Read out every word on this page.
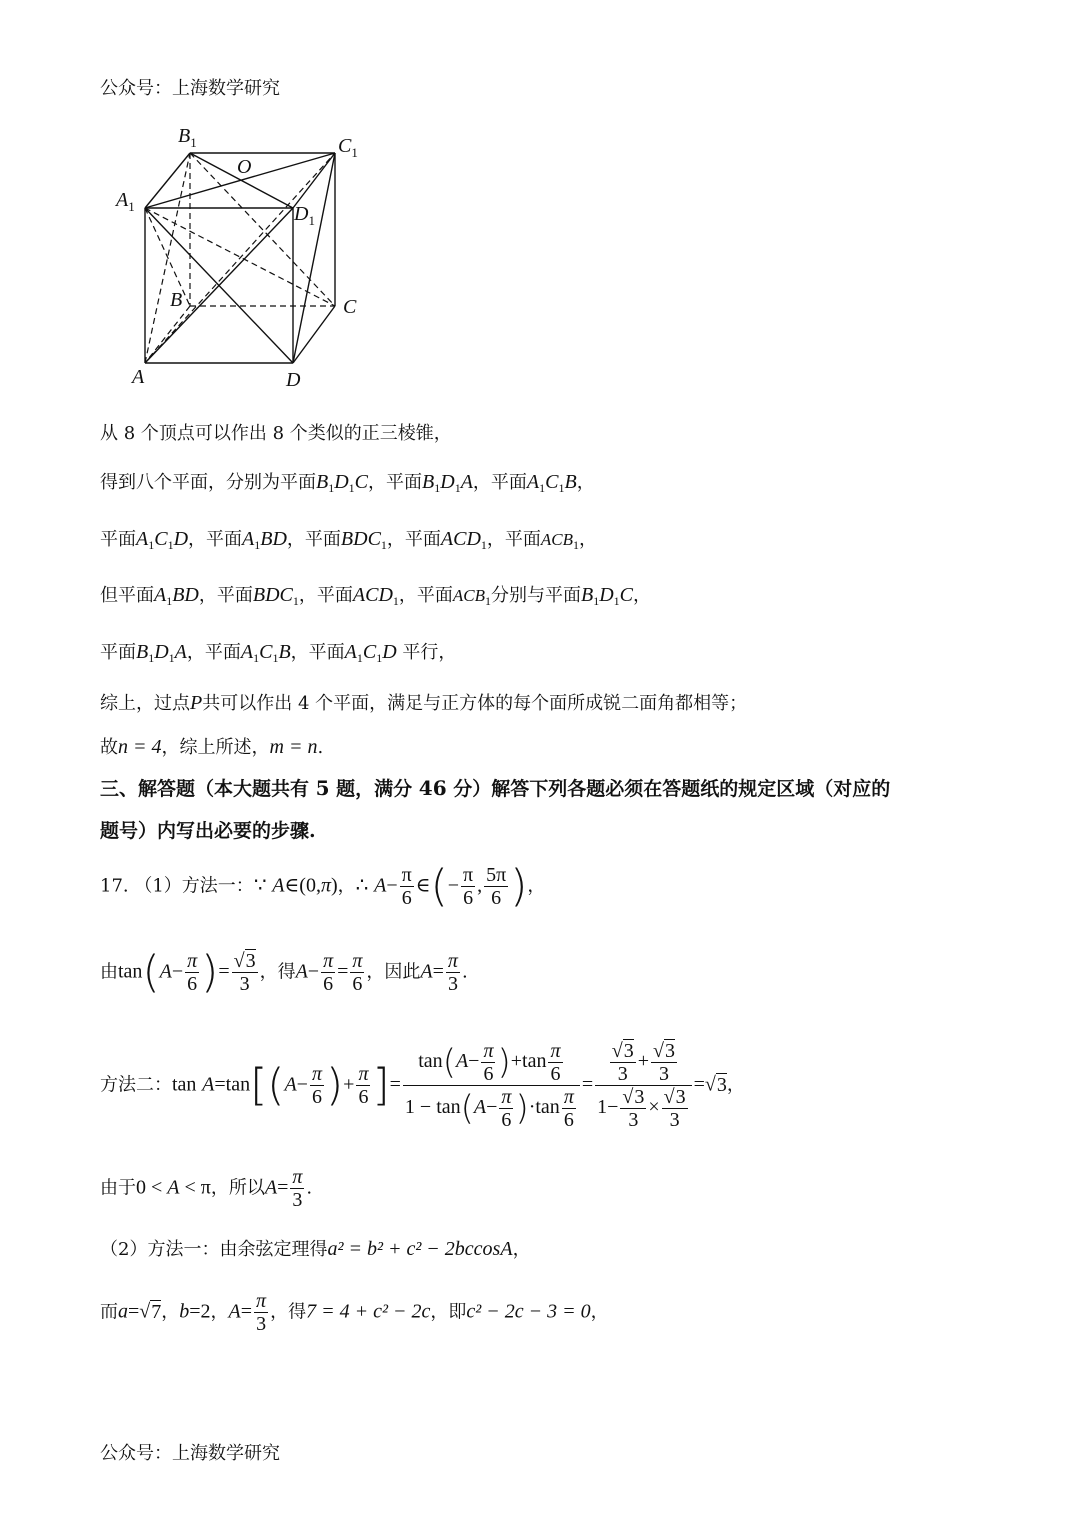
公众号：上海数学研究
$B_1$	$C_1$
O
$A_1$	$D_1$
B	C
A	D
从 8 个顶点可以作出 8 个类似的正三棱锥，
得到八个平面，分别为平面$B_1D_1C$，平面$B_1D_1A$，平面$A_1C_1B$，
平面$A_1C_1D$，平面$A_1BD$，平面$BDC_1$，平面$ACD_1$，平面$ACB_1$，
但平面$A_1BD$，平面$BDC_1$，平面$ACD_1$，平面$ACB_1$分别与平面$B_1D_1C$，
平面$B_1D_1A$，平面$A_1C_1B$，平面$A_1C_1D$ 平行，
综上，过点P共可以作出 4 个平面，满足与正方体的每个面所成锐二面角都相等；
故n = 4，综上所述，m = n.
三、解答题（本大题共有 5 题，满分 46 分）解答下列各题必须在答题纸的规定区域（对应的
题号）内写出必要的步骤.
17. （1）方法一：∵ A∈(0,π)，∴ $A- \frac{\pi}{6}$ ∈(− $\frac{\pi}{6}$ , $\frac{5\pi}{6}$ )，
由$\tan(A- \frac{\pi}{6}$ )= $\frac{√3}{3}$ ，得$A- \frac{\pi}{6} = \frac{\pi}{6}$ ，因此$A= \frac{\pi}{3}$ .
方法二：$\tan A=\tan[(A- \frac{\pi}{6}$ )+ $\frac{\pi}{6}$ ]= $\frac{\tan(A- \frac{\pi}{6} )+\tan \frac{\pi}{6}}{1 - \tan(A- \frac{\pi}{6} )\cdot\tan \frac{\pi}{6}} = \frac{\frac{√3}{3} + \frac{√3}{3}}{1- \frac{√3}{3} \times \frac{√3}{3}} =√3$，
由于0 < A < π，所以$A= \frac{\pi}{3}$ .
（2）方法一：由余弦定理得a² = b² + c² − 2bccosA，
而a=√7，b=2，$A= \frac{\pi}{3}$ ，得7 = 4 + c² − 2c，即c² − 2c − 3 = 0，
公众号：上海数学研究
